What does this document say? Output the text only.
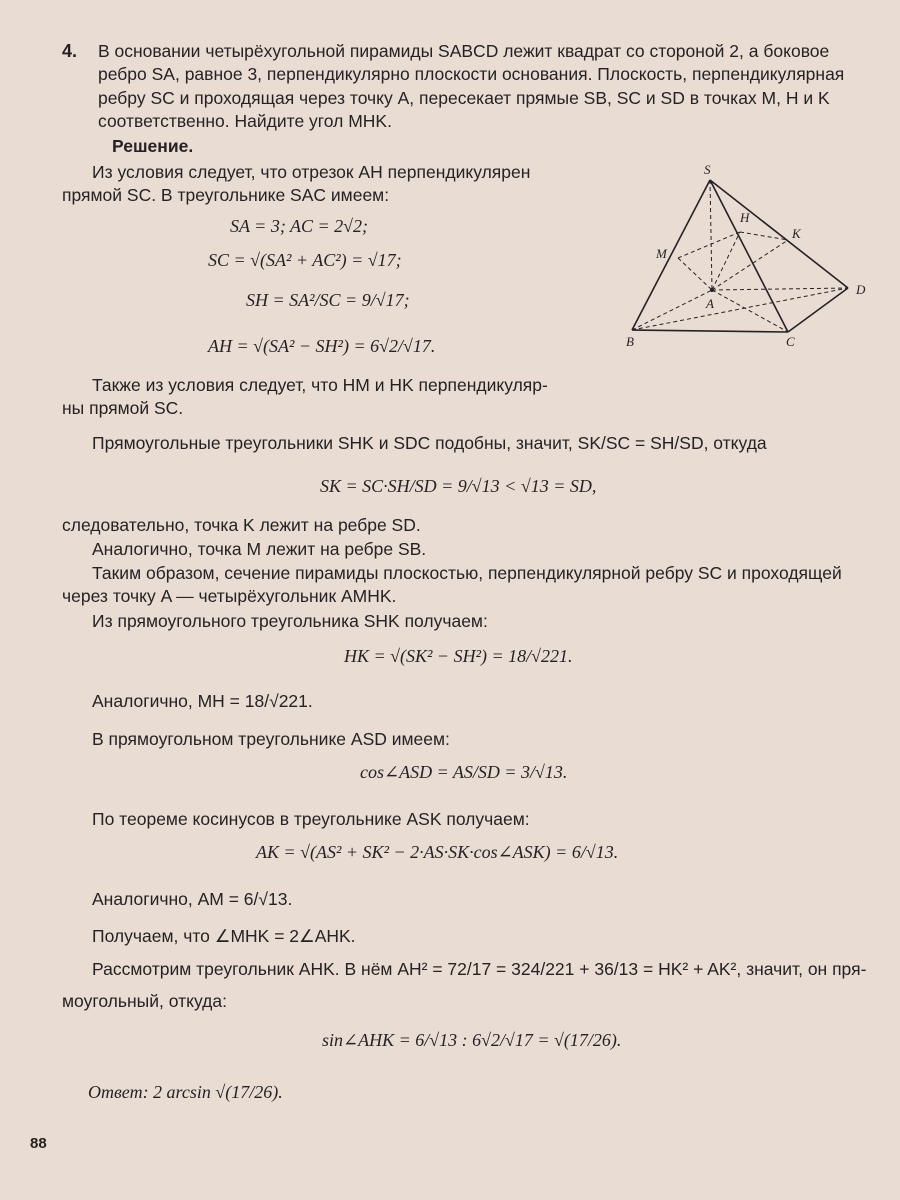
4. В основании четырёхугольной пирамиды SABCD лежит квадрат со стороной 2, а боковое
ребро SA, равное 3, перпендикулярно плоскости основания. Плоскость, перпендикулярная
ребру SC и проходящая через точку A, пересекает прямые SB, SC и SD в точках M, H и K
соответственно. Найдите угол MHK.
Решение.
Из условия следует, что отрезок AH перпендикулярен
прямой SC. В треугольнике SAC имеем:
SA = 3; AC = 2√2;
SC = √(SA² + AC²) = √17;
SH = SA²/SC = 9/√17;
AH = √(SA² − SH²) = 6√2/√17.
Также из условия следует, что HM и HK перпендикуляр-
ны прямой SC.
Прямоугольные треугольники SHK и SDC подобны, значит, SK/SC = SH/SD, откуда
SK = SC·SH/SD = 9/√13 < √13 = SD,
следовательно, точка K лежит на ребре SD.
Аналогично, точка M лежит на ребре SB.
Таким образом, сечение пирамиды плоскостью, перпендикулярной ребру SC и проходящей
через точку A — четырёхугольник AMHK.
Из прямоугольного треугольника SHK получаем:
HK = √(SK² − SH²) = 18/√221.
Аналогично, MH = 18/√221.
В прямоугольном треугольнике ASD имеем:
cos∠ASD = AS/SD = 3/√13.
По теореме косинусов в треугольнике ASK получаем:
AK = √(AS² + SK² − 2·AS·SK·cos∠ASK) = 6/√13.
Аналогично, AM = 6/√13.
Получаем, что ∠MHK = 2∠AHK.
Рассмотрим треугольник AHK. В нём AH² = 72/17 = 324/221 + 36/13 = HK² + AK², значит, он пря-
моугольный, откуда:
sin∠AHK = 6/√13 : 6√2/√17 = √(17/26).
Ответ: 2 arcsin √(17/26).
S
H
K
M
A
D
B	C
88
